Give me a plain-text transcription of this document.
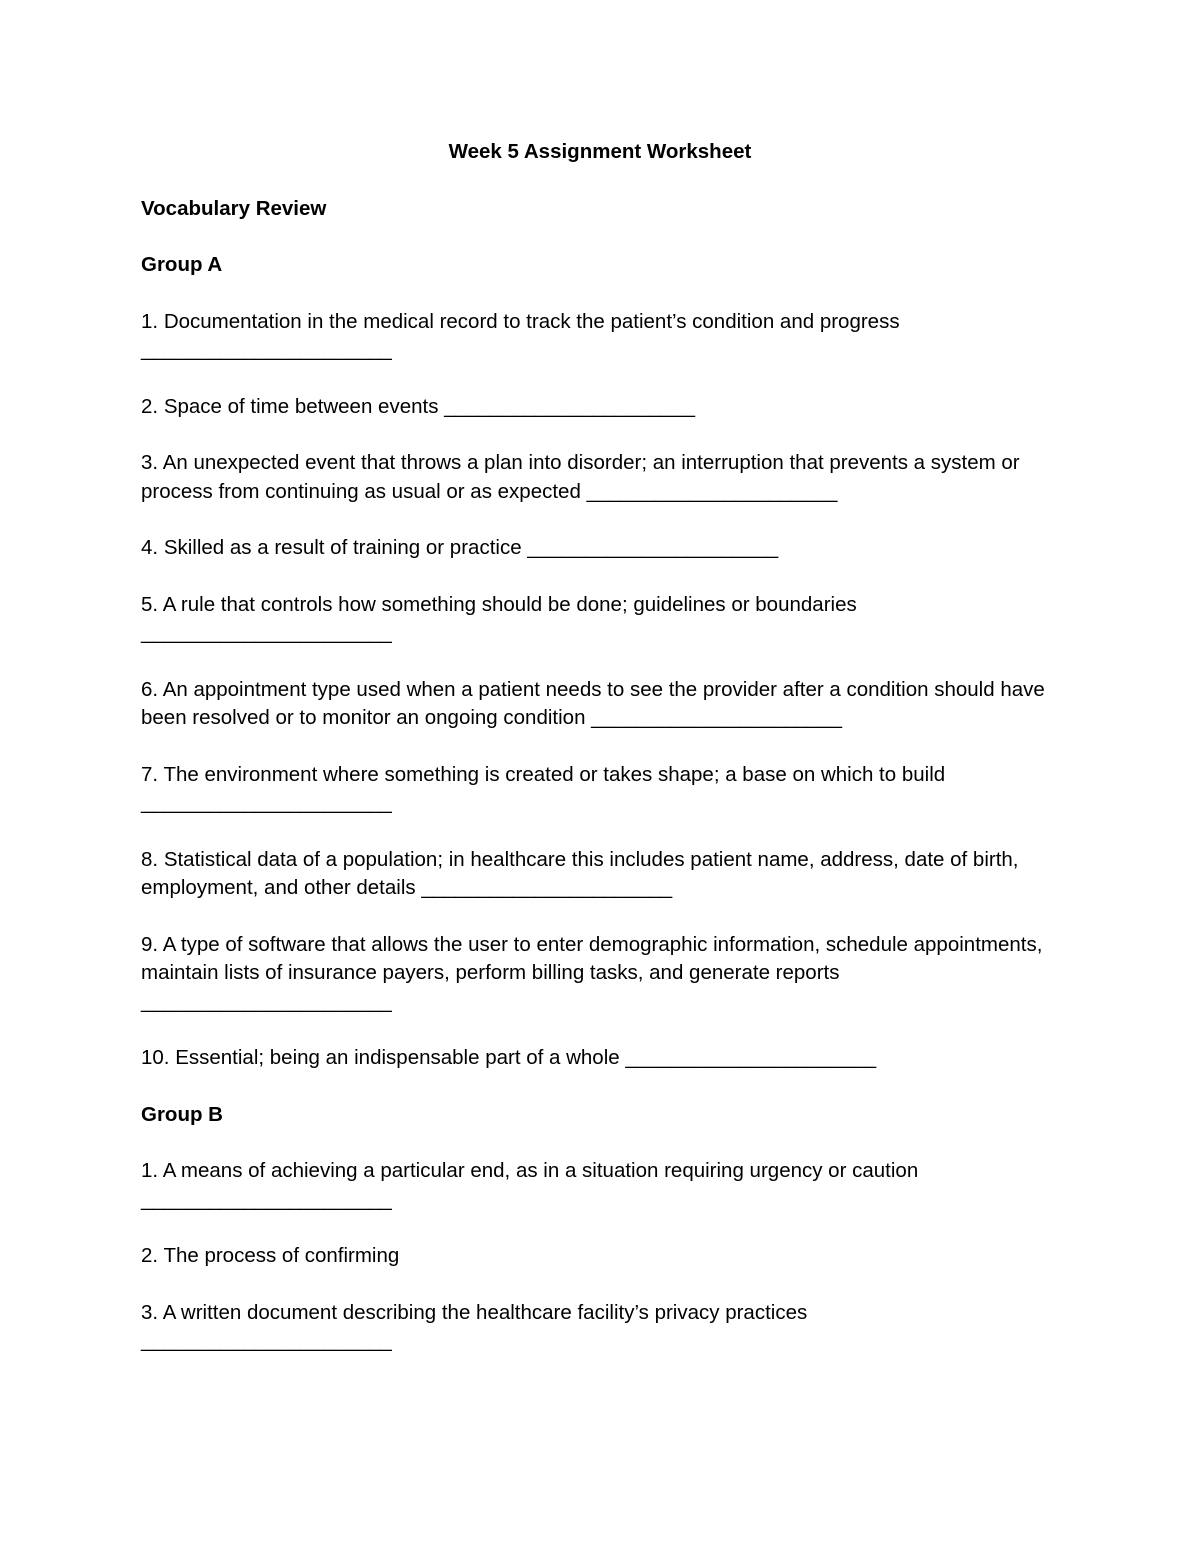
Week 5 Assignment Worksheet
Vocabulary Review
Group A
1. Documentation in the medical record to track the patient’s condition and progress
______________________
2. Space of time between events ______________________
3. An unexpected event that throws a plan into disorder; an interruption that prevents a system or process from continuing as usual or as expected ______________________
4. Skilled as a result of training or practice ______________________
5. A rule that controls how something should be done; guidelines or boundaries
______________________
6. An appointment type used when a patient needs to see the provider after a condition should have been resolved or to monitor an ongoing condition ______________________
7. The environment where something is created or takes shape; a base on which to build
______________________
8. Statistical data of a population; in healthcare this includes patient name, address, date of birth, employment, and other details ______________________
9. A type of software that allows the user to enter demographic information, schedule appointments, maintain lists of insurance payers, perform billing tasks, and generate reports
______________________
10. Essential; being an indispensable part of a whole ______________________
Group B
1. A means of achieving a particular end, as in a situation requiring urgency or caution
______________________
2. The process of confirming
3. A written document describing the healthcare facility’s privacy practices
______________________
